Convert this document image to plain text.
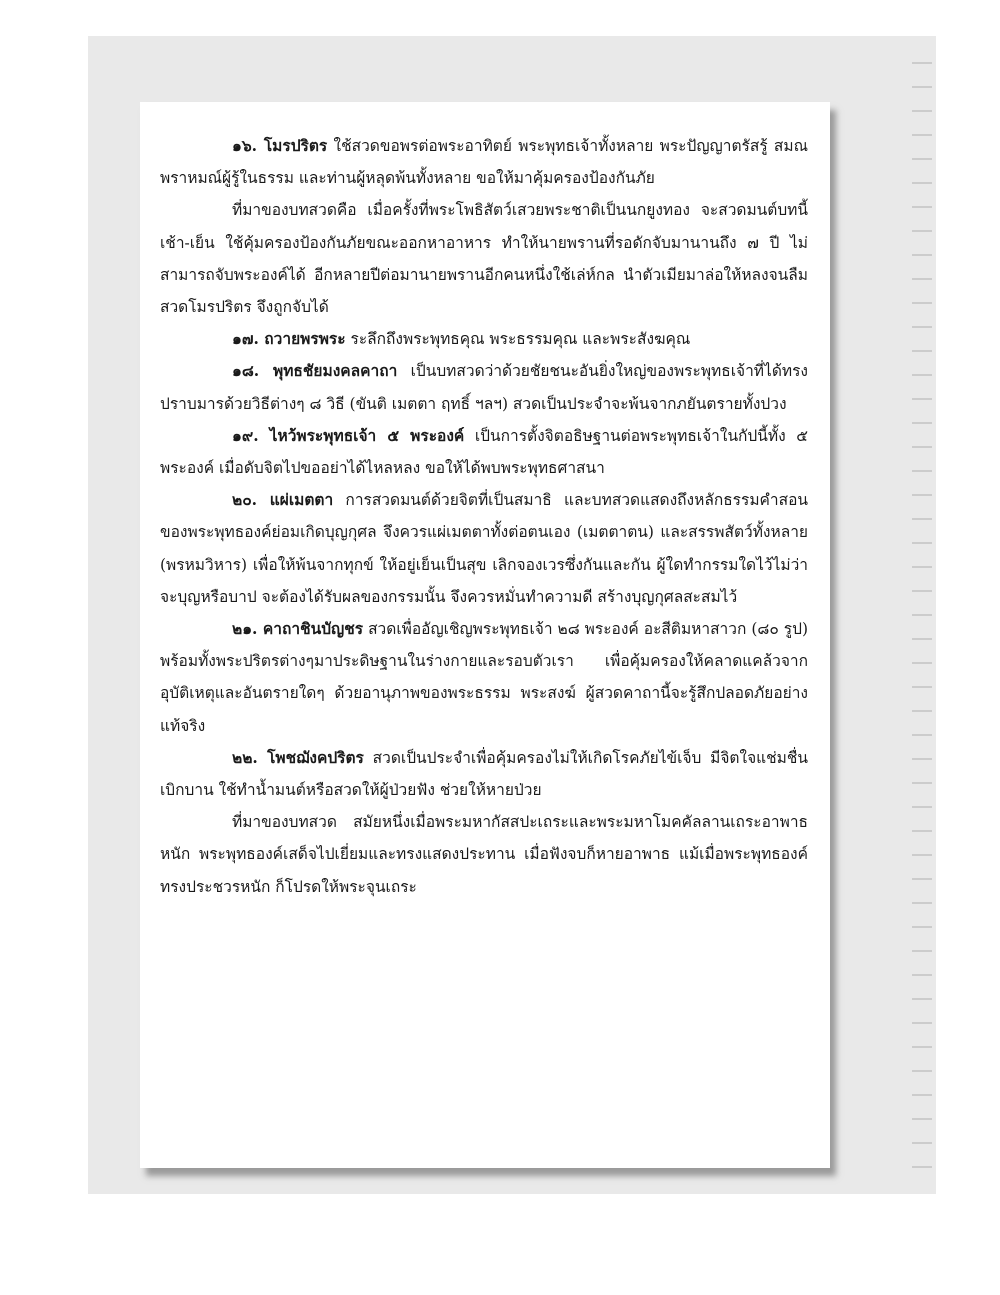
๑๖. โมรปริตร ใช้สวดขอพรต่อพระอาทิตย์ พระพุทธเจ้าทั้งหลาย พระปัญญาตรัสรู้ สมณพราหมณ์ผู้รู้ในธรรม และท่านผู้หลุดพ้นทั้งหลาย ขอให้มาคุ้มครองป้องกันภัย

ที่มาของบทสวดคือ เมื่อครั้งที่พระโพธิสัตว์เสวยพระชาติเป็นนกยูงทอง จะสวดมนต์บทนี้เช้า-เย็น ใช้คุ้มครองป้องกันภัยขณะออกหาอาหาร ทำให้นายพรานที่รอดักจับมานานถึง ๗ ปี ไม่สามารถจับพระองค์ได้ อีกหลายปีต่อมานายพรานอีกคนหนึ่งใช้เล่ห์กล นำตัวเมียมาล่อให้หลงจนลืมสวดโมรปริตร จึงถูกจับได้

๑๗. ถวายพรพระ ระลึกถึงพระพุทธคุณ พระธรรมคุณ และพระสังฆคุณ

๑๘. พุทธชัยมงคลคาถา เป็นบทสวดว่าด้วยชัยชนะอันยิ่งใหญ่ของพระพุทธเจ้าที่ได้ทรงปราบมารด้วยวิธีต่างๆ ๘ วิธี (ขันติ เมตตา ฤทธิ์ ฯลฯ) สวดเป็นประจำจะพ้นจากภยันตรายทั้งปวง

๑๙. ไหว้พระพุทธเจ้า ๕ พระองค์ เป็นการตั้งจิตอธิษฐานต่อพระพุทธเจ้าในกัปนี้ทั้ง ๕ พระองค์ เมื่อดับจิตไปขออย่าได้ไหลหลง ขอให้ได้พบพระพุทธศาสนา

๒๐. แผ่เมตตา การสวดมนต์ด้วยจิตที่เป็นสมาธิ และบทสวดแสดงถึงหลักธรรมคำสอนของพระพุทธองค์ย่อมเกิดบุญกุศล จึงควรแผ่เมตตาทั้งต่อตนเอง (เมตตาตน) และสรรพสัตว์ทั้งหลาย (พรหมวิหาร) เพื่อให้พ้นจากทุกข์ ให้อยู่เย็นเป็นสุข เลิกจองเวรซึ่งกันและกัน ผู้ใดทำกรรมใดไว้ไม่ว่าจะบุญหรือบาป จะต้องได้รับผลของกรรมนั้น จึงควรหมั่นทำความดี สร้างบุญกุศลสะสมไว้

๒๑. คาถาชินบัญชร สวดเพื่ออัญเชิญพระพุทธเจ้า ๒๘ พระองค์ อะสีติมหาสาวก (๘๐ รูป) พร้อมทั้งพระปริตรต่างๆมาประดิษฐานในร่างกายและรอบตัวเรา เพื่อคุ้มครองให้คลาดแคล้วจากอุบัติเหตุและอันตรายใดๆ ด้วยอานุภาพของพระธรรม พระสงฆ์ ผู้สวดคาถานี้จะรู้สึกปลอดภัยอย่างแท้จริง

๒๒. โพชฌังคปริตร สวดเป็นประจำเพื่อคุ้มครองไม่ให้เกิดโรคภัยไข้เจ็บ มีจิตใจแช่มชื่นเบิกบาน ใช้ทำน้ำมนต์หรือสวดให้ผู้ป่วยฟัง ช่วยให้หายป่วย

ที่มาของบทสวด สมัยหนึ่งเมื่อพระมหากัสสปะเถระและพระมหาโมคคัลลานเถระอาพาธหนัก พระพุทธองค์เสด็จไปเยี่ยมและทรงแสดงประทาน เมื่อฟังจบก็หายอาพาธ แม้เมื่อพระพุทธองค์ทรงประชวรหนัก ก็โปรดให้พระจุนเถระ
